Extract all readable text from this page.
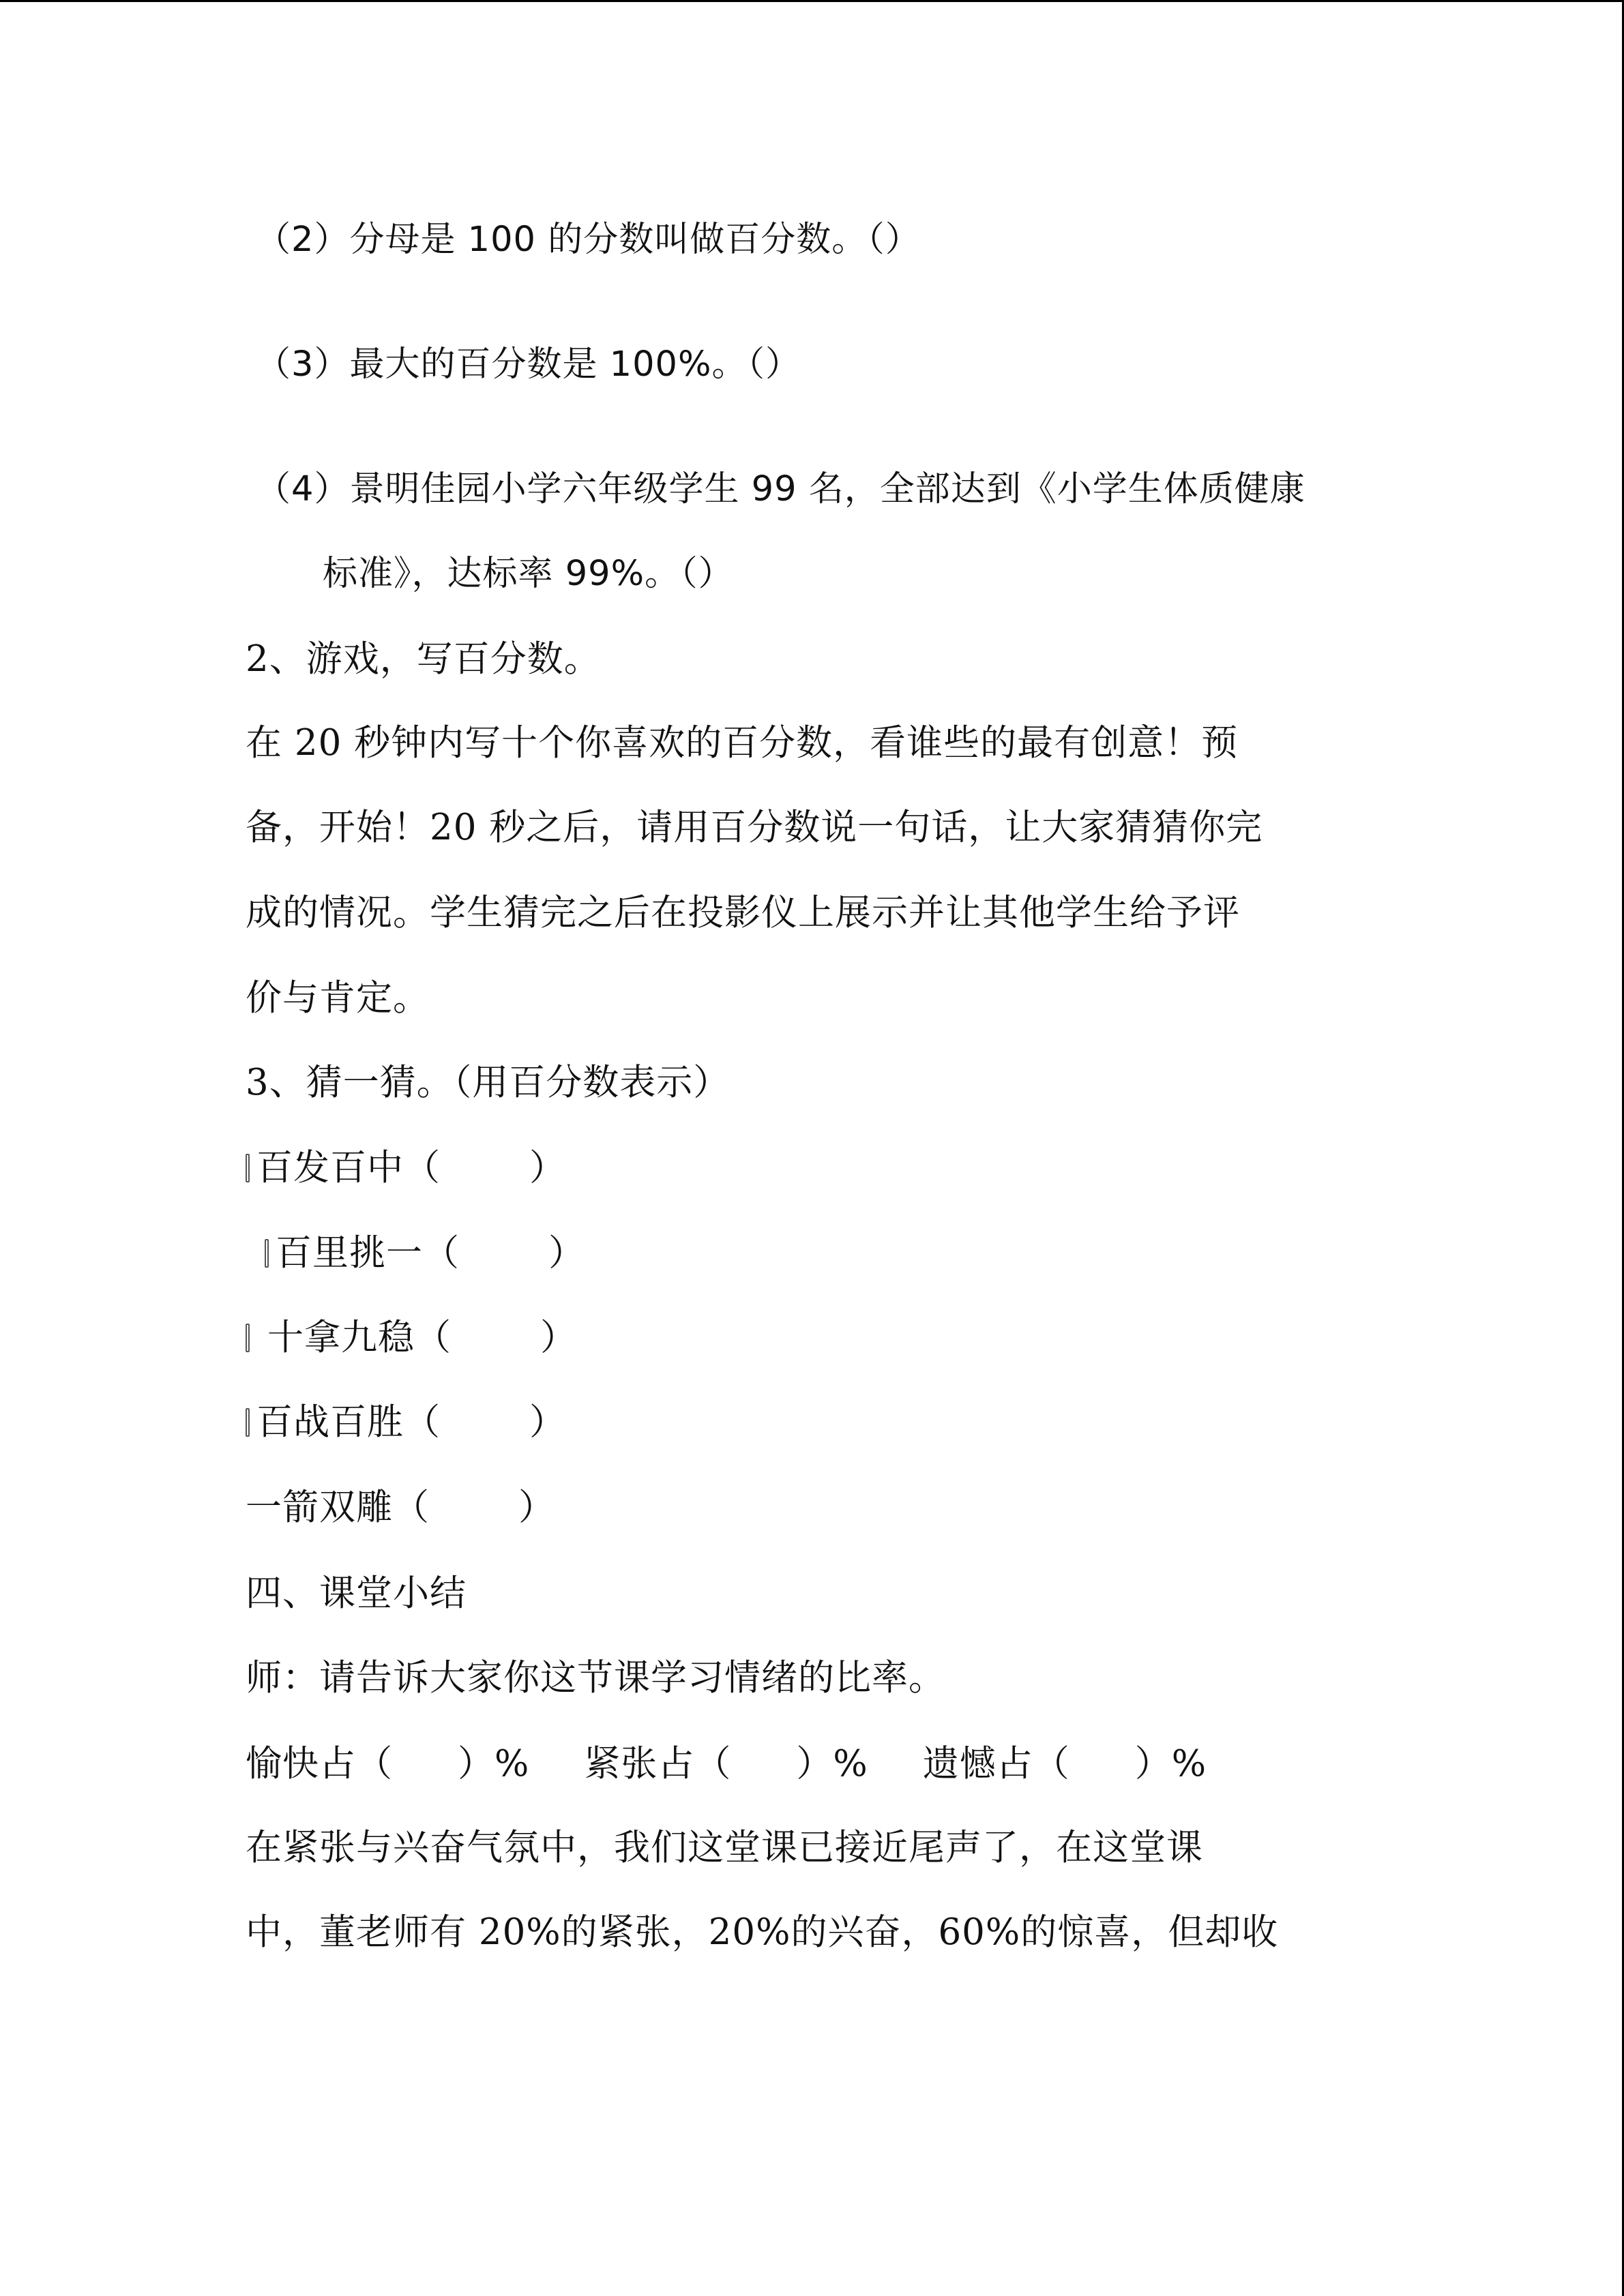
（2）分母是 100 的分数叫做百分数。（）
（3）最大的百分数是 100%。（）
（4）景明佳园小学六年级学生 99 名，全部达到《小学生体质健康
标准》，达标率 99%。（）
2、游戏，写百分数。
在 20 秒钟内写十个你喜欢的百分数，看谁些的最有创意！预
备，开始！20 秒之后，请用百分数说一句话，让大家猜猜你完
成的情况。学生猜完之后在投影仪上展示并让其他学生给予评
价与肯定。
3、猜一猜。（用百分数表示）
百发百中（ ）
百里挑一（ ）
十拿九稳（ ）
百战百胜（ ）
一箭双雕（ ）
四、课堂小结
师：请告诉大家你这节课学习情绪的比率。
愉快占（ ）% 紧张占（ ）% 遗憾占（ ）%
在紧张与兴奋气氛中，我们这堂课已接近尾声了，在这堂课
中，董老师有 20%的紧张，20%的兴奋，60%的惊喜，但却收
